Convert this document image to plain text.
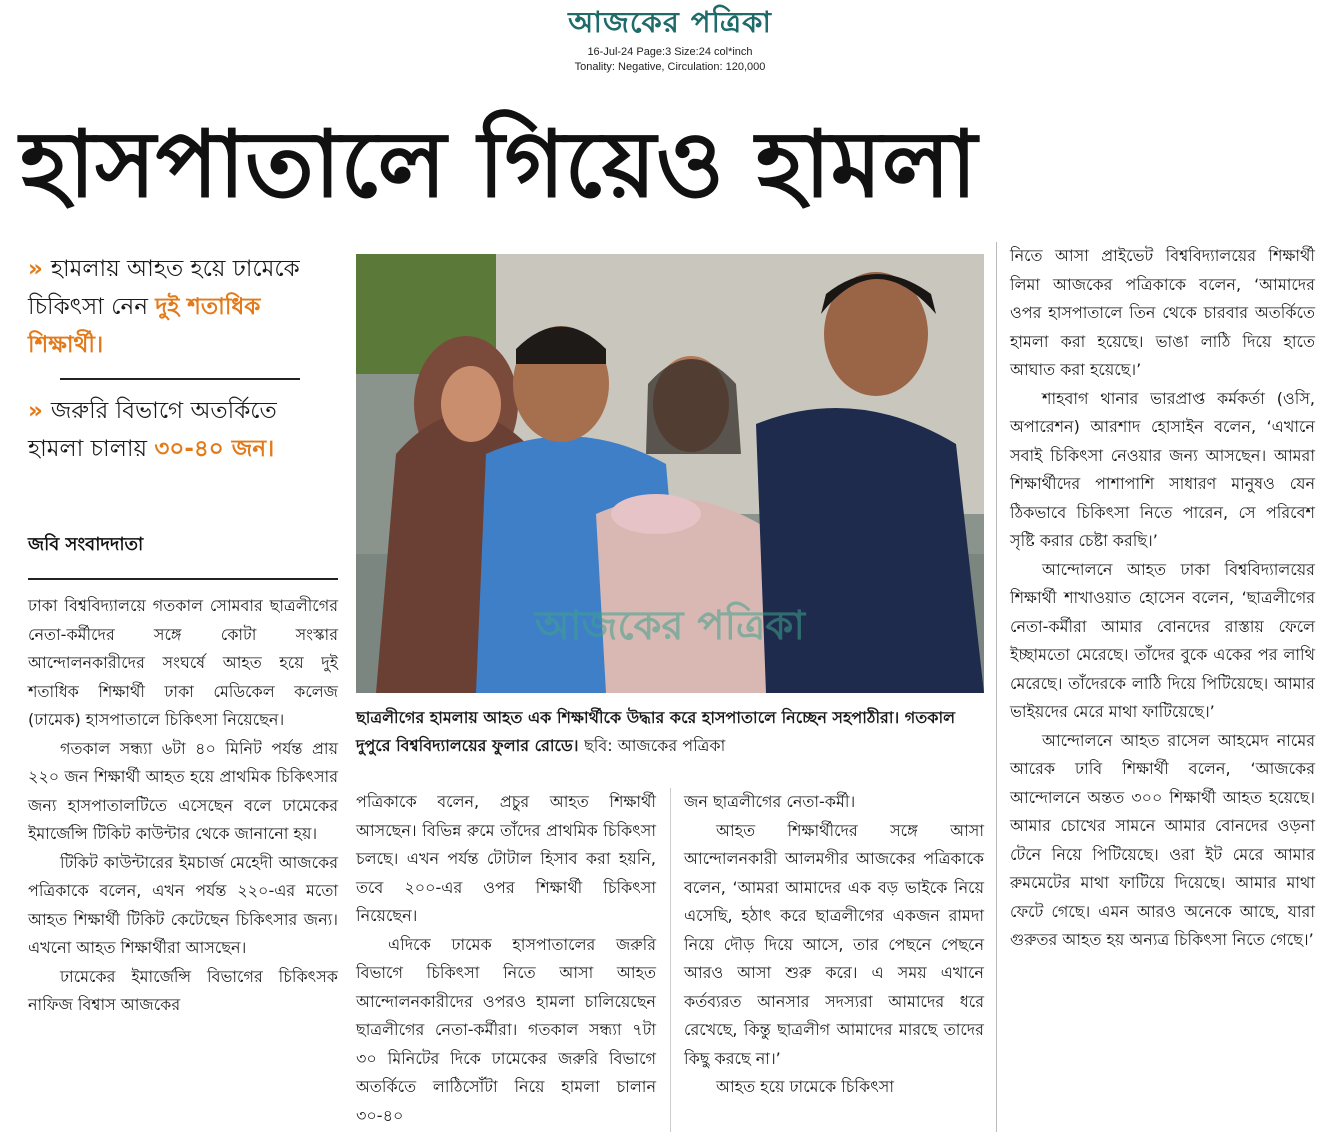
আজকের পত্রিকা
16-Jul-24 Page:3 Size:24 col*inch
Tonality: Negative, Circulation: 120,000
হাসপাতালে গিয়েও হামলা
» হামলায় আহত হয়ে ঢামেকে চিকিৎসা নেন দুই শতাধিক শিক্ষার্থী।
» জরুরি বিভাগে অতর্কিতে হামলা চালায় ৩০-৪০ জন।
জবি সংবাদদাতা

ঢাকা বিশ্ববিদ্যালয়ে গতকাল সোমবার ছাত্রলীগের নেতা-কর্মীদের সঙ্গে কোটা সংস্কার আন্দোলনকারীদের সংঘর্ষে আহত হয়ে দুই শতাধিক শিক্ষার্থী ঢাকা মেডিকেল কলেজ (ঢামেক) হাসপাতালে চিকিৎসা নিয়েছেন।

গতকাল সন্ধ্যা ৬টা ৪০ মিনিট পর্যন্ত প্রায় ২২০ জন শিক্ষার্থী আহত হয়ে প্রাথমিক চিকিৎসার জন্য হাসপাতালটিতে এসেছেন বলে ঢামেকের ইমার্জেন্সি টিকিট কাউন্টার থেকে জানানো হয়।

টিকিট কাউন্টারের ইমচার্জ মেহেদী আজকের পত্রিকাকে বলেন, এখন পর্যন্ত ২২০-এর মতো আহত শিক্ষার্থী টিকিট কেটেছেন চিকিৎসার জন্য। এখনো আহত শিক্ষার্থীরা আসছেন।

ঢামেকের ইমার্জেন্সি বিভাগের চিকিৎসক নাফিজ বিশ্বাস আজকের

আজকের পত্রিকা
ছাত্রলীগের হামলায় আহত এক শিক্ষার্থীকে উদ্ধার করে হাসপাতালে নিচ্ছেন সহপাঠীরা। গতকাল দুপুরে বিশ্ববিদ্যালয়ের ফুলার রোডে। ছবি: আজকের পত্রিকা

পত্রিকাকে বলেন, প্রচুর আহত শিক্ষার্থী আসছেন। বিভিন্ন রুমে তাঁদের প্রাথমিক চিকিৎসা চলছে। এখন পর্যন্ত টোটাল হিসাব করা হয়নি, তবে ২০০-এর ওপর শিক্ষার্থী চিকিৎসা নিয়েছেন।

এদিকে ঢামেক হাসপাতালের জরুরি বিভাগে চিকিৎসা নিতে আসা আহত আন্দোলনকারীদের ওপরও হামলা চালিয়েছেন ছাত্রলীগের নেতা-কর্মীরা। গতকাল সন্ধ্যা ৭টা ৩০ মিনিটের দিকে ঢামেকের জরুরি বিভাগে অতর্কিতে লাঠিসোঁটা নিয়ে হামলা চালান ৩০-৪০

জন ছাত্রলীগের নেতা-কর্মী।

আহত শিক্ষার্থীদের সঙ্গে আসা আন্দোলনকারী আলমগীর আজকের পত্রিকাকে বলেন, ‘আমরা আমাদের এক বড় ভাইকে নিয়ে এসেছি, হঠাৎ করে ছাত্রলীগের একজন রামদা নিয়ে দৌড় দিয়ে আসে, তার পেছনে পেছনে আরও আসা শুরু করে। এ সময় এখানে কর্তব্যরত আনসার সদস্যরা আমাদের ধরে রেখেছে, কিন্তু ছাত্রলীগ আমাদের মারছে তাদের কিছু করছে না।’

আহত হয়ে ঢামেকে চিকিৎসা

নিতে আসা প্রাইভেট বিশ্ববিদ্যালয়ের শিক্ষার্থী লিমা আজকের পত্রিকাকে বলেন, ‘আমাদের ওপর হাসপাতালে তিন থেকে চারবার অতর্কিতে হামলা করা হয়েছে। ভাঙা লাঠি দিয়ে হাতে আঘাত করা হয়েছে।’

শাহবাগ থানার ভারপ্রাপ্ত কর্মকর্তা (ওসি, অপারেশন) আরশাদ হোসাইন বলেন, ‘এখানে সবাই চিকিৎসা নেওয়ার জন্য আসছেন। আমরা শিক্ষার্থীদের পাশাপাশি সাধারণ মানুষও যেন ঠিকভাবে চিকিৎসা নিতে পারেন, সে পরিবেশ সৃষ্টি করার চেষ্টা করছি।’

আন্দোলনে আহত ঢাকা বিশ্ববিদ্যালয়ের শিক্ষার্থী শাখাওয়াত হোসেন বলেন, ‘ছাত্রলীগের নেতা-কর্মীরা আমার বোনদের রাস্তায় ফেলে ইচ্ছামতো মেরেছে। তাঁদের বুকে একের পর লাথি মেরেছে। তাঁদেরকে লাঠি দিয়ে পিটিয়েছে। আমার ভাইয়দের মেরে মাথা ফাটিয়েছে।’

আন্দোলনে আহত রাসেল আহমেদ নামের আরেক ঢাবি শিক্ষার্থী বলেন, ‘আজকের আন্দোলনে অন্তত ৩০০ শিক্ষার্থী আহত হয়েছে। আমার চোখের সামনে আমার বোনদের ওড়না টেনে নিয়ে পিটিয়েছে। ওরা ইট মেরে আমার রুমমেটের মাথা ফাটিয়ে দিয়েছে। আমার মাথা ফেটে গেছে। এমন আরও অনেকে আছে, যারা গুরুতর আহত হয় অন্যত্র চিকিৎসা নিতে গেছে।’
